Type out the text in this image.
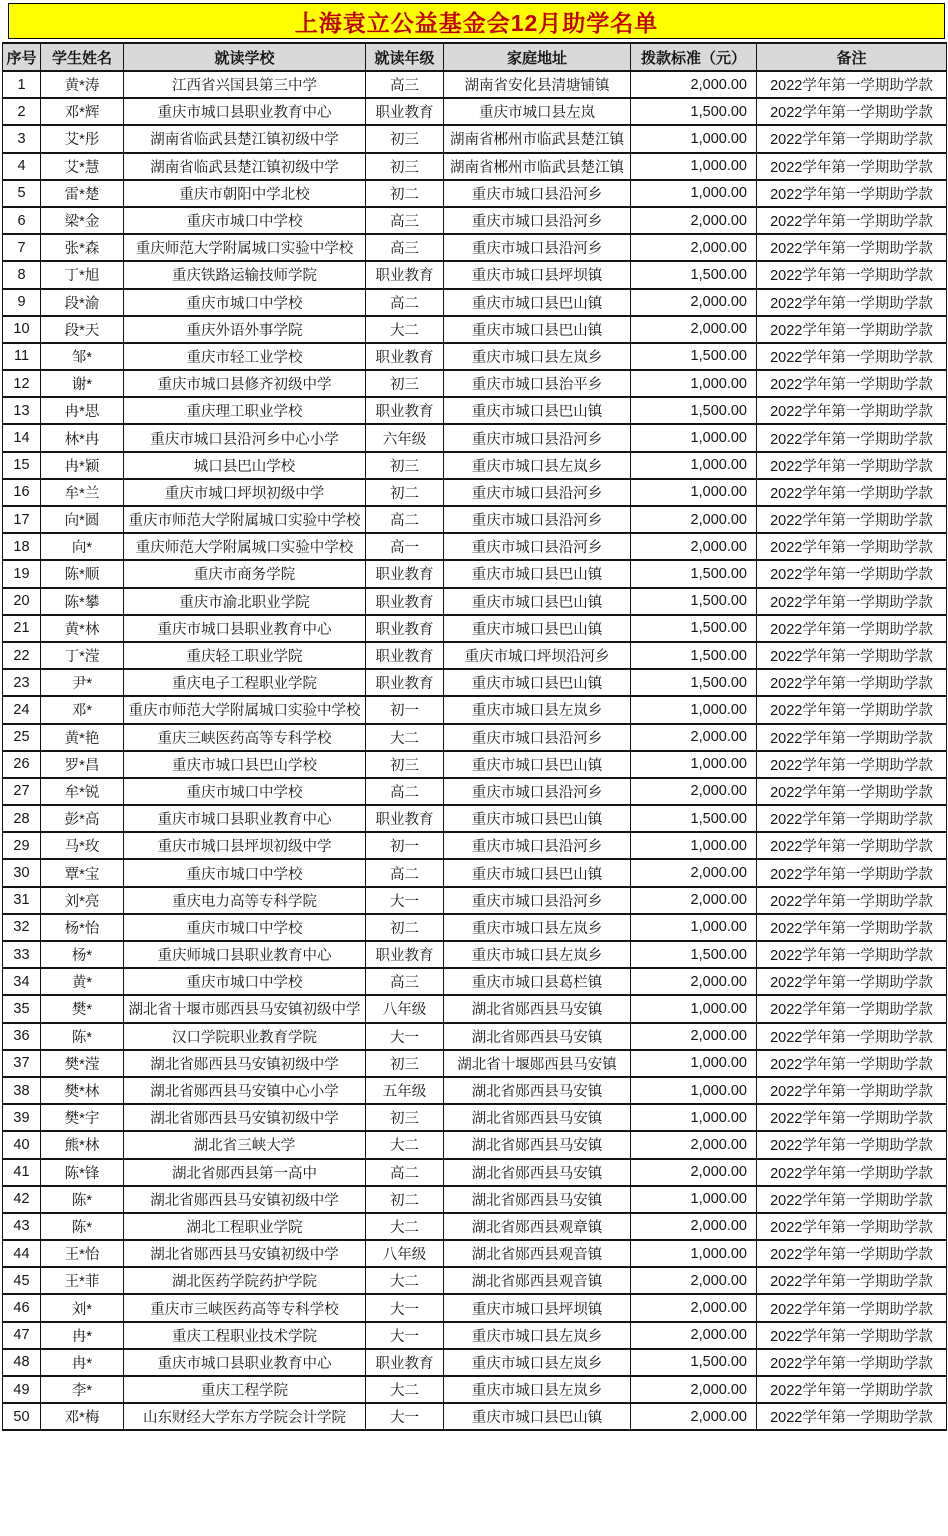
上海袁立公益基金会12月助学名单
序号	学生姓名	就读学校	就读年级	家庭地址	拨款标准（元）	备注
1	黄*涛	江西省兴国县第三中学	高三	湖南省安化县清塘铺镇	2,000.00	2022学年第一学期助学款
2	邓*辉	重庆市城口县职业教育中心	职业教育	重庆市城口县左岚	1,500.00	2022学年第一学期助学款
3	艾*彤	湖南省临武县楚江镇初级中学	初三	湖南省郴州市临武县楚江镇	1,000.00	2022学年第一学期助学款
4	艾*慧	湖南省临武县楚江镇初级中学	初三	湖南省郴州市临武县楚江镇	1,000.00	2022学年第一学期助学款
5	雷*楚	重庆市朝阳中学北校	初二	重庆市城口县沿河乡	1,000.00	2022学年第一学期助学款
6	梁*金	重庆市城口中学校	高三	重庆市城口县沿河乡	2,000.00	2022学年第一学期助学款
7	张*森	重庆师范大学附属城口实验中学校	高三	重庆市城口县沿河乡	2,000.00	2022学年第一学期助学款
8	丁*旭	重庆铁路运输技师学院	职业教育	重庆市城口县坪坝镇	1,500.00	2022学年第一学期助学款
9	段*渝	重庆市城口中学校	高二	重庆市城口县巴山镇	2,000.00	2022学年第一学期助学款
10	段*天	重庆外语外事学院	大二	重庆市城口县巴山镇	2,000.00	2022学年第一学期助学款
11	邹*	重庆市轻工业学校	职业教育	重庆市城口县左岚乡	1,500.00	2022学年第一学期助学款
12	谢*	重庆市城口县修齐初级中学	初三	重庆市城口县治平乡	1,000.00	2022学年第一学期助学款
13	冉*思	重庆理工职业学校	职业教育	重庆市城口县巴山镇	1,500.00	2022学年第一学期助学款
14	林*冉	重庆市城口县沿河乡中心小学	六年级	重庆市城口县沿河乡	1,000.00	2022学年第一学期助学款
15	冉*颖	城口县巴山学校	初三	重庆市城口县左岚乡	1,000.00	2022学年第一学期助学款
16	牟*兰	重庆市城口坪坝初级中学	初二	重庆市城口县沿河乡	1,000.00	2022学年第一学期助学款
17	向*圆	重庆市师范大学附属城口实验中学校	高二	重庆市城口县沿河乡	2,000.00	2022学年第一学期助学款
18	向*	重庆师范大学附属城口实验中学校	高一	重庆市城口县沿河乡	2,000.00	2022学年第一学期助学款
19	陈*顺	重庆市商务学院	职业教育	重庆市城口县巴山镇	1,500.00	2022学年第一学期助学款
20	陈*攀	重庆市渝北职业学院	职业教育	重庆市城口县巴山镇	1,500.00	2022学年第一学期助学款
21	黄*林	重庆市城口县职业教育中心	职业教育	重庆市城口县巴山镇	1,500.00	2022学年第一学期助学款
22	丁*滢	重庆轻工职业学院	职业教育	重庆市城口坪坝沿河乡	1,500.00	2022学年第一学期助学款
23	尹*	重庆电子工程职业学院	职业教育	重庆市城口县巴山镇	1,500.00	2022学年第一学期助学款
24	邓*	重庆市师范大学附属城口实验中学校	初一	重庆市城口县左岚乡	1,000.00	2022学年第一学期助学款
25	黄*艳	重庆三峡医药高等专科学校	大二	重庆市城口县沿河乡	2,000.00	2022学年第一学期助学款
26	罗*昌	重庆市城口县巴山学校	初三	重庆市城口县巴山镇	1,000.00	2022学年第一学期助学款
27	牟*锐	重庆市城口中学校	高二	重庆市城口县沿河乡	2,000.00	2022学年第一学期助学款
28	彭*高	重庆市城口县职业教育中心	职业教育	重庆市城口县巴山镇	1,500.00	2022学年第一学期助学款
29	马*玫	重庆市城口县坪坝初级中学	初一	重庆市城口县沿河乡	1,000.00	2022学年第一学期助学款
30	覃*宝	重庆市城口中学校	高二	重庆市城口县巴山镇	2,000.00	2022学年第一学期助学款
31	刘*亮	重庆电力高等专科学院	大一	重庆市城口县沿河乡	2,000.00	2022学年第一学期助学款
32	杨*怡	重庆市城口中学校	初二	重庆市城口县左岚乡	1,000.00	2022学年第一学期助学款
33	杨*	重庆师城口县职业教育中心	职业教育	重庆市城口县左岚乡	1,500.00	2022学年第一学期助学款
34	黄*	重庆市城口中学校	高三	重庆市城口县葛栏镇	2,000.00	2022学年第一学期助学款
35	樊*	湖北省十堰市郧西县马安镇初级中学	八年级	湖北省郧西县马安镇	1,000.00	2022学年第一学期助学款
36	陈*	汉口学院职业教育学院	大一	湖北省郧西县马安镇	2,000.00	2022学年第一学期助学款
37	樊*滢	湖北省郧西县马安镇初级中学	初三	湖北省十堰郧西县马安镇	1,000.00	2022学年第一学期助学款
38	樊*林	湖北省郧西县马安镇中心小学	五年级	湖北省郧西县马安镇	1,000.00	2022学年第一学期助学款
39	樊*宇	湖北省郧西县马安镇初级中学	初三	湖北省郧西县马安镇	1,000.00	2022学年第一学期助学款
40	熊*林	湖北省三峡大学	大二	湖北省郧西县马安镇	2,000.00	2022学年第一学期助学款
41	陈*锋	湖北省郧西县第一高中	高二	湖北省郧西县马安镇	2,000.00	2022学年第一学期助学款
42	陈*	湖北省郧西县马安镇初级中学	初二	湖北省郧西县马安镇	1,000.00	2022学年第一学期助学款
43	陈*	湖北工程职业学院	大二	湖北省郧西县观章镇	2,000.00	2022学年第一学期助学款
44	王*怡	湖北省郧西县马安镇初级中学	八年级	湖北省郧西县观音镇	1,000.00	2022学年第一学期助学款
45	王*菲	湖北医药学院药护学院	大二	湖北省郧西县观音镇	2,000.00	2022学年第一学期助学款
46	刘*	重庆市三峡医药高等专科学校	大一	重庆市城口县坪坝镇	2,000.00	2022学年第一学期助学款
47	冉*	重庆工程职业技术学院	大一	重庆市城口县左岚乡	2,000.00	2022学年第一学期助学款
48	冉*	重庆市城口县职业教育中心	职业教育	重庆市城口县左岚乡	1,500.00	2022学年第一学期助学款
49	李*	重庆工程学院	大二	重庆市城口县左岚乡	2,000.00	2022学年第一学期助学款
50	邓*梅	山东财经大学东方学院会计学院	大一	重庆市城口县巴山镇	2,000.00	2022学年第一学期助学款
